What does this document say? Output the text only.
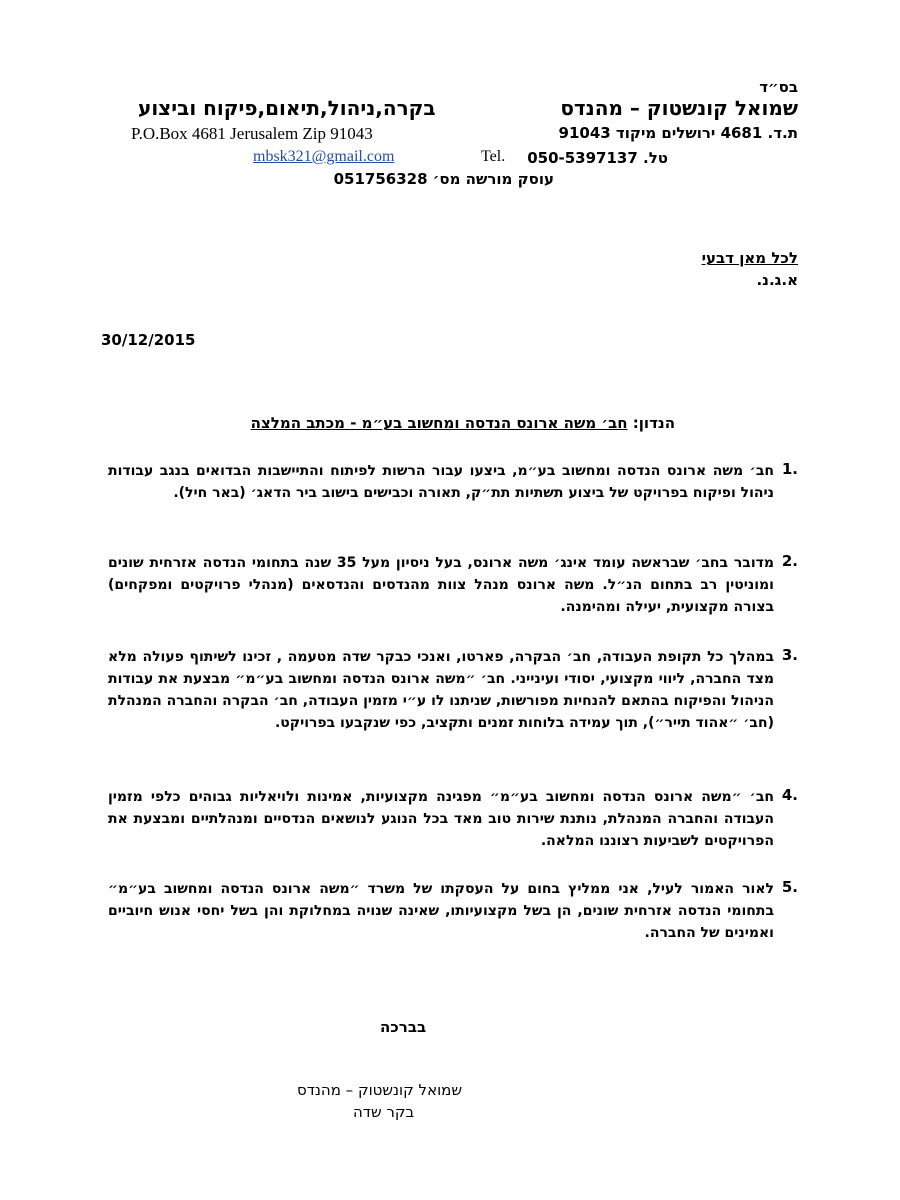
בס״ד
שמואל קונשטוק – מהנדס
בקרה,ניהול,תיאום,פיקוח וביצוע
ת.ד. 4681 ירושלים מיקוד 91043
P.O.Box 4681 Jerusalem Zip 91043
טל. 050-5397137
Tel.
mbsk321@gmail.com
עוסק מורשה מס׳ 051756328
לכל מאן דבעי
א.ג.נ.
30/12/2015
הנדון: חב׳ משה ארונס הנדסה ומחשוב בע״מ - מכתב המלצה
.1
חב׳ משה ארונס הנדסה ומחשוב בע״מ, ביצעו עבור הרשות לפיתוח והתיישבות הבדואים בנגב עבודות ניהול ופיקוח בפרויקט של ביצוע תשתיות תת״ק, תאורה וכבישים בישוב ביר הדאג׳ (באר חיל).
.2
מדובר בחב׳ שבראשה עומד אינג׳ משה ארונס, בעל ניסיון מעל 35 שנה בתחומי הנדסה אזרחית שונים ומוניטין רב בתחום הנ״ל. משה ארונס מנהל צוות מהנדסים והנדסאים (מנהלי פרויקטים ומפקחים) בצורה מקצועית, יעילה ומהימנה.
.3
במהלך כל תקופת העבודה, חב׳ הבקרה, פארטו, ואנכי כבקר שדה מטעמה , זכינו לשיתוף פעולה מלא מצד החברה, ליווי מקצועי, יסודי ועינייני. חב׳ ״משה ארונס הנדסה ומחשוב בע״מ״ מבצעת את עבודות הניהול והפיקוח בהתאם להנחיות מפורשות, שניתנו לו ע״י מזמין העבודה, חב׳ הבקרה והחברה המנהלת (חב׳ ״אהוד תייר״), תוך עמידה בלוחות זמנים ותקציב, כפי שנקבעו בפרויקט.
.4
חב׳ ״משה ארונס הנדסה ומחשוב בע״מ״ מפגינה מקצועיות, אמינות ולויאליות גבוהים כלפי מזמין העבודה והחברה המנהלת, נותנת שירות טוב מאד בכל הנוגע לנושאים הנדסיים ומנהלתיים ומבצעת את הפרויקטים לשביעות רצוננו המלאה.
.5
לאור האמור לעיל, אני ממליץ בחום על העסקתו של משרד ״משה ארונס הנדסה ומחשוב בע״מ״ בתחומי הנדסה אזרחית שונים, הן בשל מקצועיותו, שאינה שנויה במחלוקת והן בשל יחסי אנוש חיוביים ואמינים של החברה.
בברכה
שמואל קונשטוק – מהנדס
בקר שדה
